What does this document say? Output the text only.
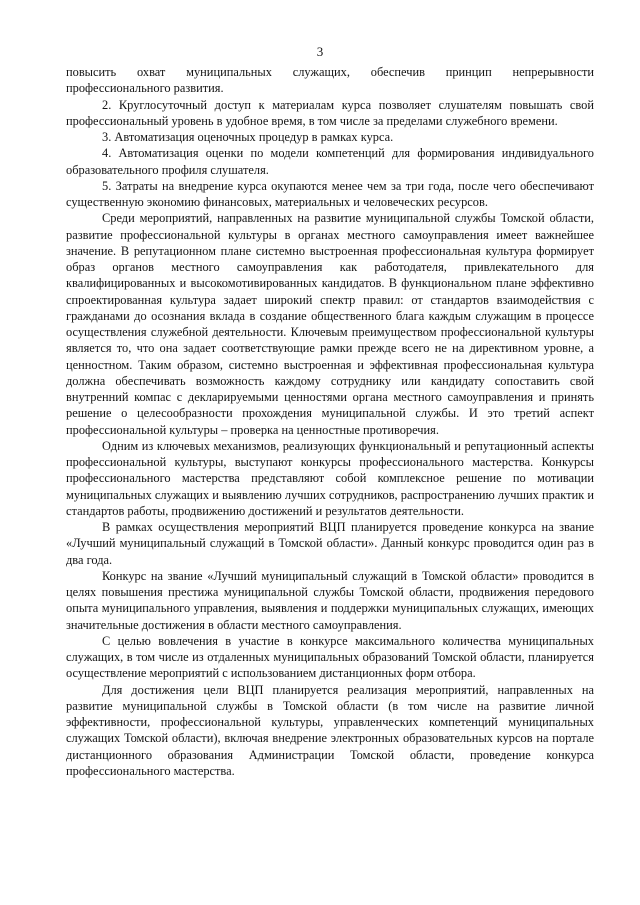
3

повысить охват муниципальных служащих, обеспечив принцип непрерывности профессионального развития.

2. Круглосуточный доступ к материалам курса позволяет слушателям повышать свой профессиональный уровень в удобное время, в том числе за пределами служебного времени.

3. Автоматизация оценочных процедур в рамках курса.

4. Автоматизация оценки по модели компетенций для формирования индивидуального образовательного профиля слушателя.

5. Затраты на внедрение курса окупаются менее чем за три года, после чего обеспечивают существенную экономию финансовых, материальных и человеческих ресурсов.

Среди мероприятий, направленных на развитие муниципальной службы Томской области, развитие профессиональной культуры в органах местного самоуправления имеет важнейшее значение. В репутационном плане системно выстроенная профессиональная культура формирует образ органов местного самоуправления как работодателя, привлекательного для квалифицированных и высокомотивированных кандидатов. В функциональном плане эффективно спроектированная культура задает широкий спектр правил: от стандартов взаимодействия с гражданами до осознания вклада в создание общественного блага каждым служащим в процессе осуществления служебной деятельности. Ключевым преимуществом профессиональной культуры является то, что она задает соответствующие рамки прежде всего не на директивном уровне, а ценностном. Таким образом, системно выстроенная и эффективная профессиональная культура должна обеспечивать возможность каждому сотруднику или кандидату сопоставить свой внутренний компас с декларируемыми ценностями органа местного самоуправления и принять решение о целесообразности прохождения муниципальной службы. И это третий аспект профессиональной культуры – проверка на ценностные противоречия.

Одним из ключевых механизмов, реализующих функциональный и репутационный аспекты профессиональной культуры, выступают конкурсы профессионального мастерства. Конкурсы профессионального мастерства представляют собой комплексное решение по мотивации муниципальных служащих и выявлению лучших сотрудников, распространению лучших практик и стандартов работы, продвижению достижений и результатов деятельности.

В рамках осуществления мероприятий ВЦП планируется проведение конкурса на звание «Лучший муниципальный служащий в Томской области». Данный конкурс проводится один раз в два года.

Конкурс на звание «Лучший муниципальный служащий в Томской области» проводится в целях повышения престижа муниципальной службы Томской области, продвижения передового опыта муниципального управления, выявления и поддержки муниципальных служащих, имеющих значительные достижения в области местного самоуправления.

С целью вовлечения в участие в конкурсе максимального количества муниципальных служащих, в том числе из отдаленных муниципальных образований Томской области, планируется осуществление мероприятий с использованием дистанционных форм отбора.

Для достижения цели ВЦП планируется реализация мероприятий, направленных на развитие муниципальной службы в Томской области (в том числе на развитие личной эффективности, профессиональной культуры, управленческих компетенций муниципальных служащих Томской области), включая внедрение электронных образовательных курсов на портале дистанционного образования Администрации Томской области, проведение конкурса профессионального мастерства.
